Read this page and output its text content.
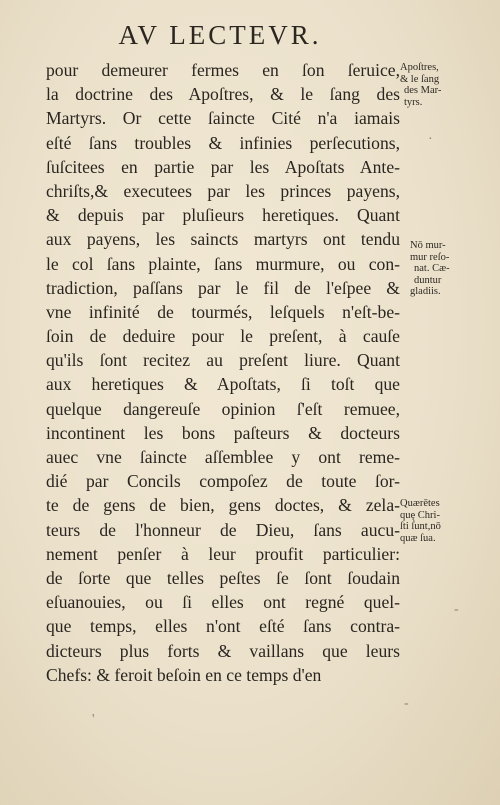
AV LECTEVR.
pour demeurer fermes en ſon ſeruice,
la doctrine des Apoſtres, & le ſang des
Martyrs. Or cette ſaincte Cité n'a iamais
eſté ſans troubles & infinies perſecutions,
ſuſcitees en partie par les Apoſtats Ante-
chriſts,& executees par les princes payens,
& depuis par pluſieurs heretiques. Quant
aux payens, les saincts martyrs ont tendu
le col ſans plainte, ſans murmure, ou con-
tradiction, paſſans par le fil de l'eſpee &
vne infinité de tourmés, leſquels n'eſt-be-
ſoin de deduire pour le preſent, à cauſe
qu'ils ſont recitez au preſent liure. Quant
aux heretiques & Apoſtats, ſi toſt que
quelque dangereuſe opinion ſ'eſt remuee,
incontinent les bons paſteurs & docteurs
auec vne ſaincte aſſemblee y ont reme-
dié par Concils compoſez de toute ſor-
te de gens de bien, gens doctes, & zela-
teurs de l'honneur de Dieu, ſans aucu-
nement penſer à leur proufit particulier:
de ſorte que telles peſtes ſe ſont ſoudain
eſuanouies, ou ſi elles ont regné quel-
que temps, elles n'ont eſté ſans contra-
dicteurs plus forts & vaillans que leurs
Chefs: & feroit beſoin en ce temps d'en
Apoſtres,
& le ſang
des Mar-
tyrs.
Nō mur-
mur reſo-
nat. Cæ-
duntur
gladiis.
Quærētes
quę Chri-
ſti ſunt,nō
quæ ſua.
·
-
-
'
